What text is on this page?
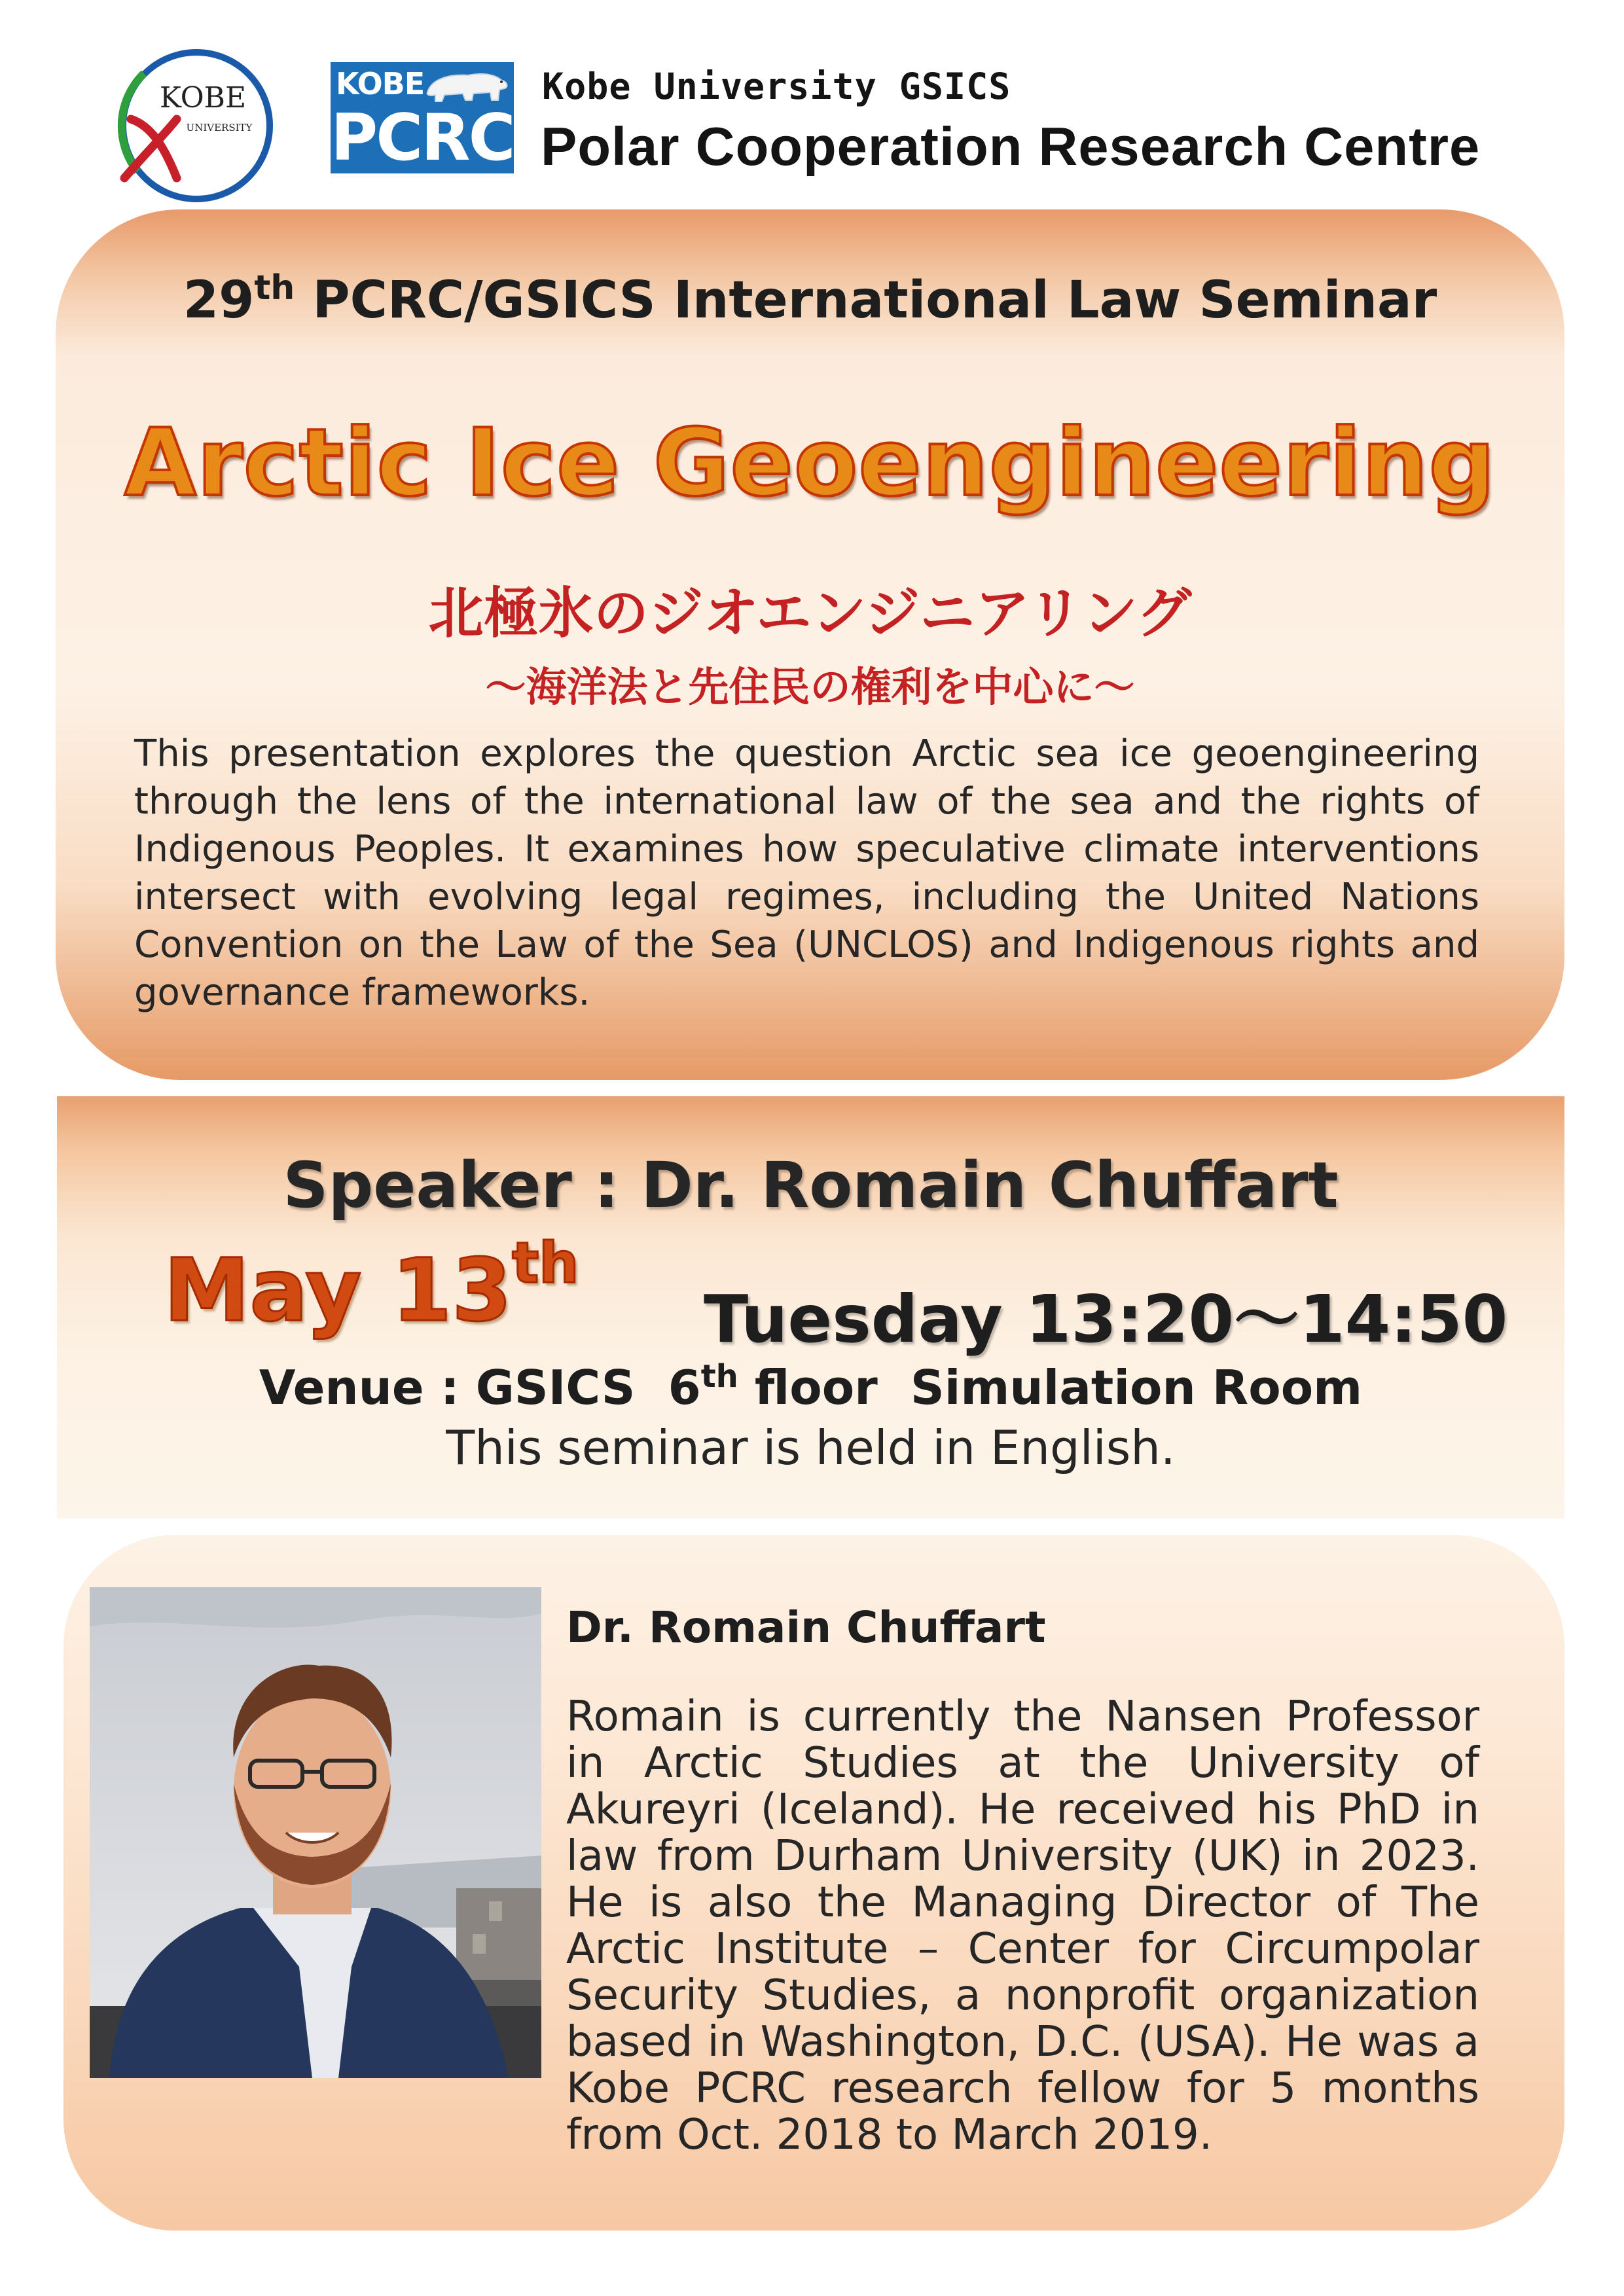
KOBE
UNIVERSITY
KOBE
PCRC
Kobe University GSICS
Polar Cooperation Research Centre
29th PCRC/GSICS International Law Seminar
Arctic Ice Geoengineering
北極氷のジオエンジニアリング
～海洋法と先住民の権利を中心に～
This presentation explores the question Arctic sea ice geoengineering through the lens of the international law of the sea and the rights of Indigenous Peoples. It examines how speculative climate interventions intersect with evolving legal regimes, including the United Nations Convention on the Law of the Sea (UNCLOS) and Indigenous rights and governance frameworks.
Speaker : Dr. Romain Chuffart
May 13th
Tuesday 13:20～14:50
Venue : GSICS  6th floor  Simulation Room
This seminar is held in English.
Dr. Romain Chuffart
Romain is currently the Nansen Professor in Arctic Studies at the University of Akureyri (Iceland). He received his PhD in law from Durham University (UK) in 2023. He is also the Managing Director of The Arctic Institute – Center for Circumpolar Security Studies, a nonprofit organization based in Washington, D.C. (USA). He was a Kobe PCRC research fellow for 5 months from Oct. 2018 to March 2019.
